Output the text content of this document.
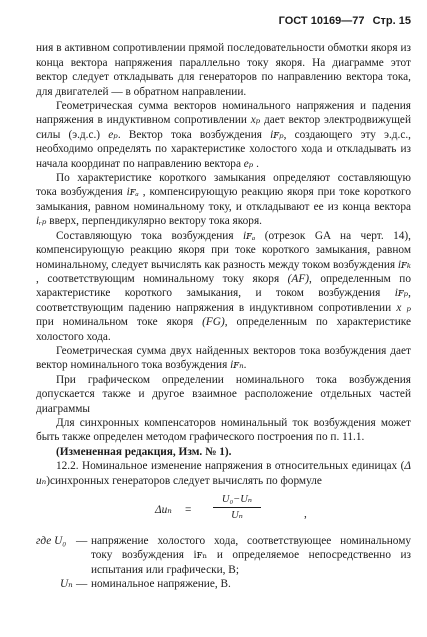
ГОСТ 10169—77 Стр. 15

ния в активном сопротивлении прямой последовательности обмотки якоря из конца вектора напряжения параллельно току якоря. На диаграмме этот вектор следует откладывать для генераторов по направлению вектора тока, для двигателей — в обратном направлении.

Геометрическая сумма векторов номинального напряжения и падения напряжения в индуктивном сопротивлении xₚ дает вектор электродвижущей силы (э.д.с.) eₚ. Вектор тока возбуждения iꜰₚ, создающего эту э.д.с., необходимо определять по характеристике холостого хода и откладывать из начала координат по направлению вектора eₚ .

По характеристике короткого замыкания определяют составляющую тока возбуждения iꜰₐ , компенсирующую реакцию якоря при токе короткого замыкания, равном номинальному току, и откладывают ее из конца вектора iᵣₚ вверх, перпендикулярно вектору тока якоря.

Составляющую тока возбуждения iꜰₐ (отрезок GA на черт. 14), компенсирующую реакцию якоря при токе короткого замыкания, равном номинальному, следует вычислять как разность между током возбуждения iꜰₖ , соответствующим номинальному току якоря (AF), определенным по характеристике короткого замыкания, и током возбуждения iꜰₚ, соответствующим падению напряжения в индуктивном сопротивлении x ₚ при номинальном токе якоря (FG), определенным по характеристике холостого хода.

Геометрическая сумма двух найденных векторов тока возбуждения дает вектор номинального тока возбуждения iꜰₙ.

При графическом определении номинального тока возбуждения допускается также и другое взаимное расположение отдельных частей диаграммы

Для синхронных компенсаторов номинальный ток возбуждения может быть также определен методом графического построения по п. 11.1.

(Измененная редакция, Изм. № 1).

12.2. Номинальное изменение напряжения в относительных единицах (Δ uₙ)синхронных генераторов следует вычислять по формуле

$\Delta u_n = \frac{\text{U₀−Uₙ}}{\text{Uₙ}}$	,
где U₀ — напряжение холостого хода, соответствующее номинальному току возбуждения iꜰₙ и определяемое непосредственно из испытания или графически, В;
Uₙ — номинальное напряжение, В.
